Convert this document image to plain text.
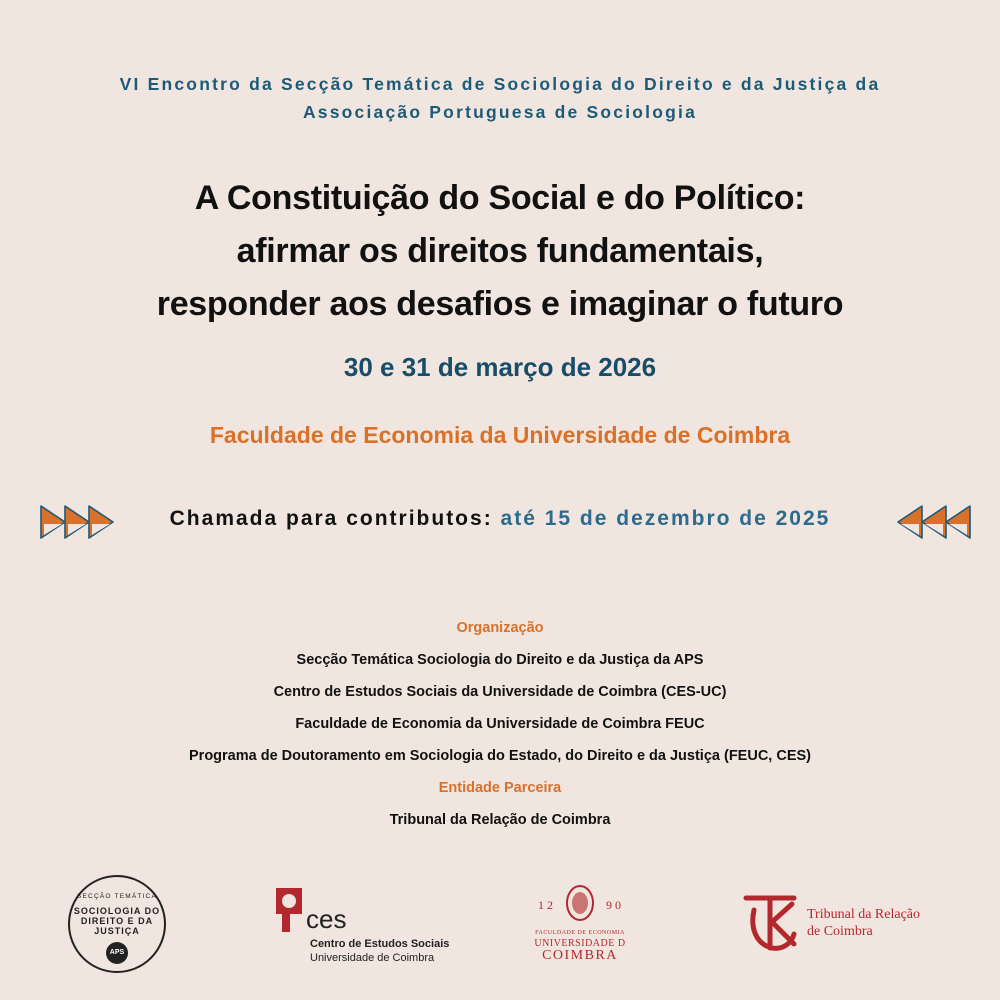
VI Encontro da Secção Temática de Sociologia do Direito e da Justiça da
Associação Portuguesa de Sociologia
A Constituição do Social e do Político:
afirmar os direitos fundamentais,
responder aos desafios e imaginar o futuro
30 e 31 de março de 2026
Faculdade de Economia da Universidade de Coimbra
Chamada para contributos: até 15 de dezembro de 2025
Organização
Secção Temática Sociologia do Direito e da Justiça da APS
Centro de Estudos Sociais da Universidade de Coimbra (CES-UC)
Faculdade de Economia da Universidade de Coimbra FEUC
Programa de Doutoramento em Sociologia do Estado, do Direito e da Justiça (FEUC, CES)
Entidade Parceira
Tribunal da Relação de Coimbra
SECÇÃO TEMÁTICA
SOCIOLOGIA DO
DIREITO E DA
JUSTIÇA
APS
ces
Centro de Estudos Sociais
Universidade de Coimbra
12	90
FACULDADE DE ECONOMIA
UNIVERSIDADE D
COIMBRA
Tribunal da Relação
de Coimbra
